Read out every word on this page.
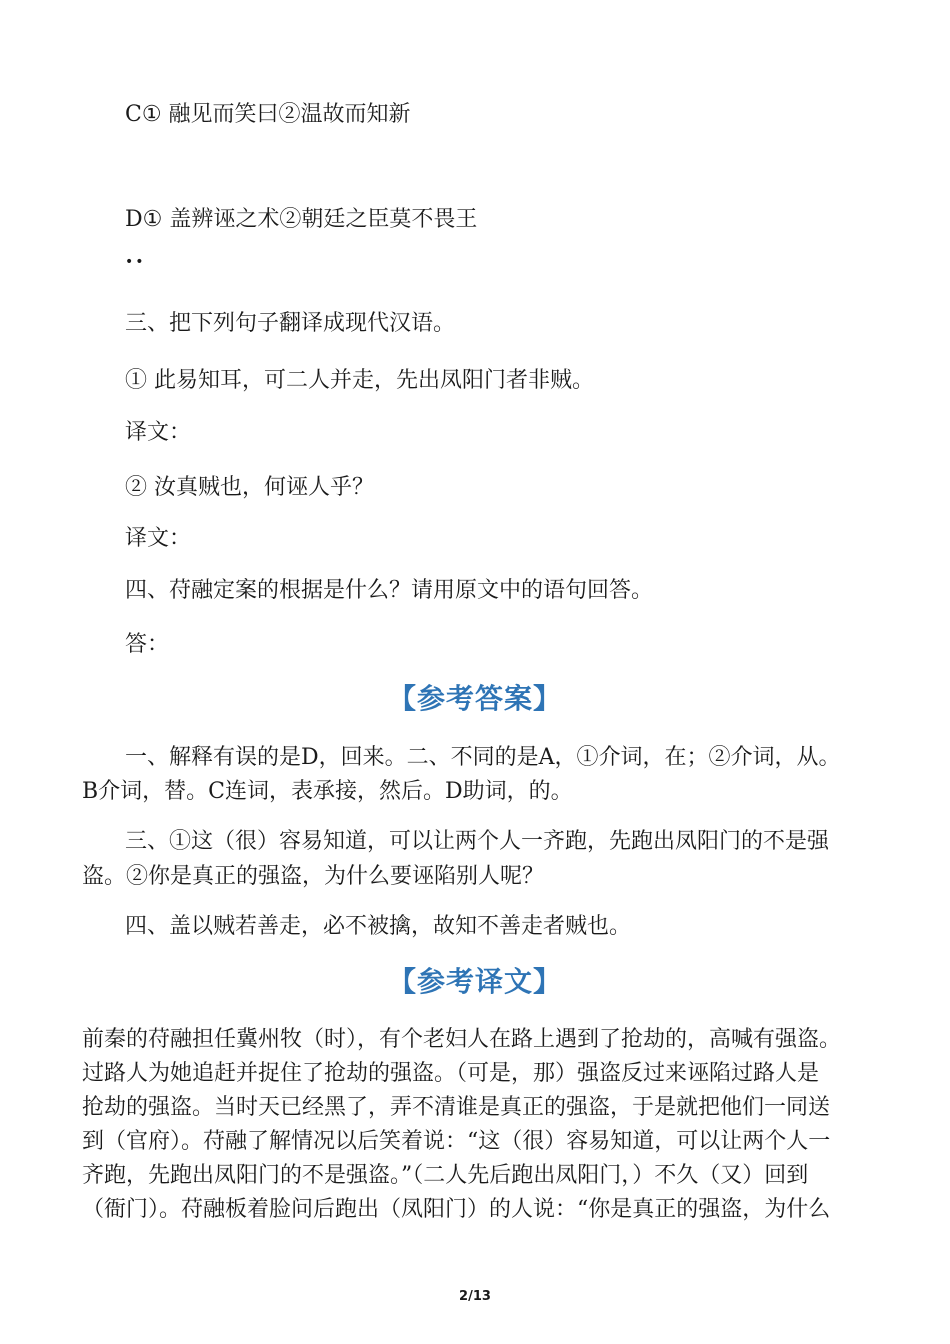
C① 融见而笑曰②温故而知新
D① 盖辨诬之术②朝廷之臣莫不畏王
••
三、把下列句子翻译成现代汉语。
① 此易知耳，可二人并走，先出凤阳门者非贼。
译文：
② 汝真贼也，何诬人乎？
译文：
四、苻融定案的根据是什么？请用原文中的语句回答。
答：
【参考答案】
一、解释有误的是D，回来。二、不同的是A，①介词，在；②介词，从。
B介词，替。C连词，表承接，然后。D助词，的。
三、①这（很）容易知道，可以让两个人一齐跑，先跑出凤阳门的不是强
盗。②你是真正的强盗，为什么要诬陷别人呢？
四、盖以贼若善走，必不被擒，故知不善走者贼也。
【参考译文】
前秦的苻融担任冀州牧（时），有个老妇人在路上遇到了抢劫的，高喊有强盗。
过路人为她追赶并捉住了抢劫的强盗。（可是，那）强盗反过来诬陷过路人是
抢劫的强盗。当时天已经黑了，弄不清谁是真正的强盗，于是就把他们一同送
到（官府）。苻融了解情况以后笑着说：“这（很）容易知道，可以让两个人一
齐跑，先跑出凤阳门的不是强盗。”（二人先后跑出凤阳门，）不久（又）回到
（衙门）。苻融板着脸问后跑出（凤阳门）的人说：“你是真正的强盗，为什么
2/13
